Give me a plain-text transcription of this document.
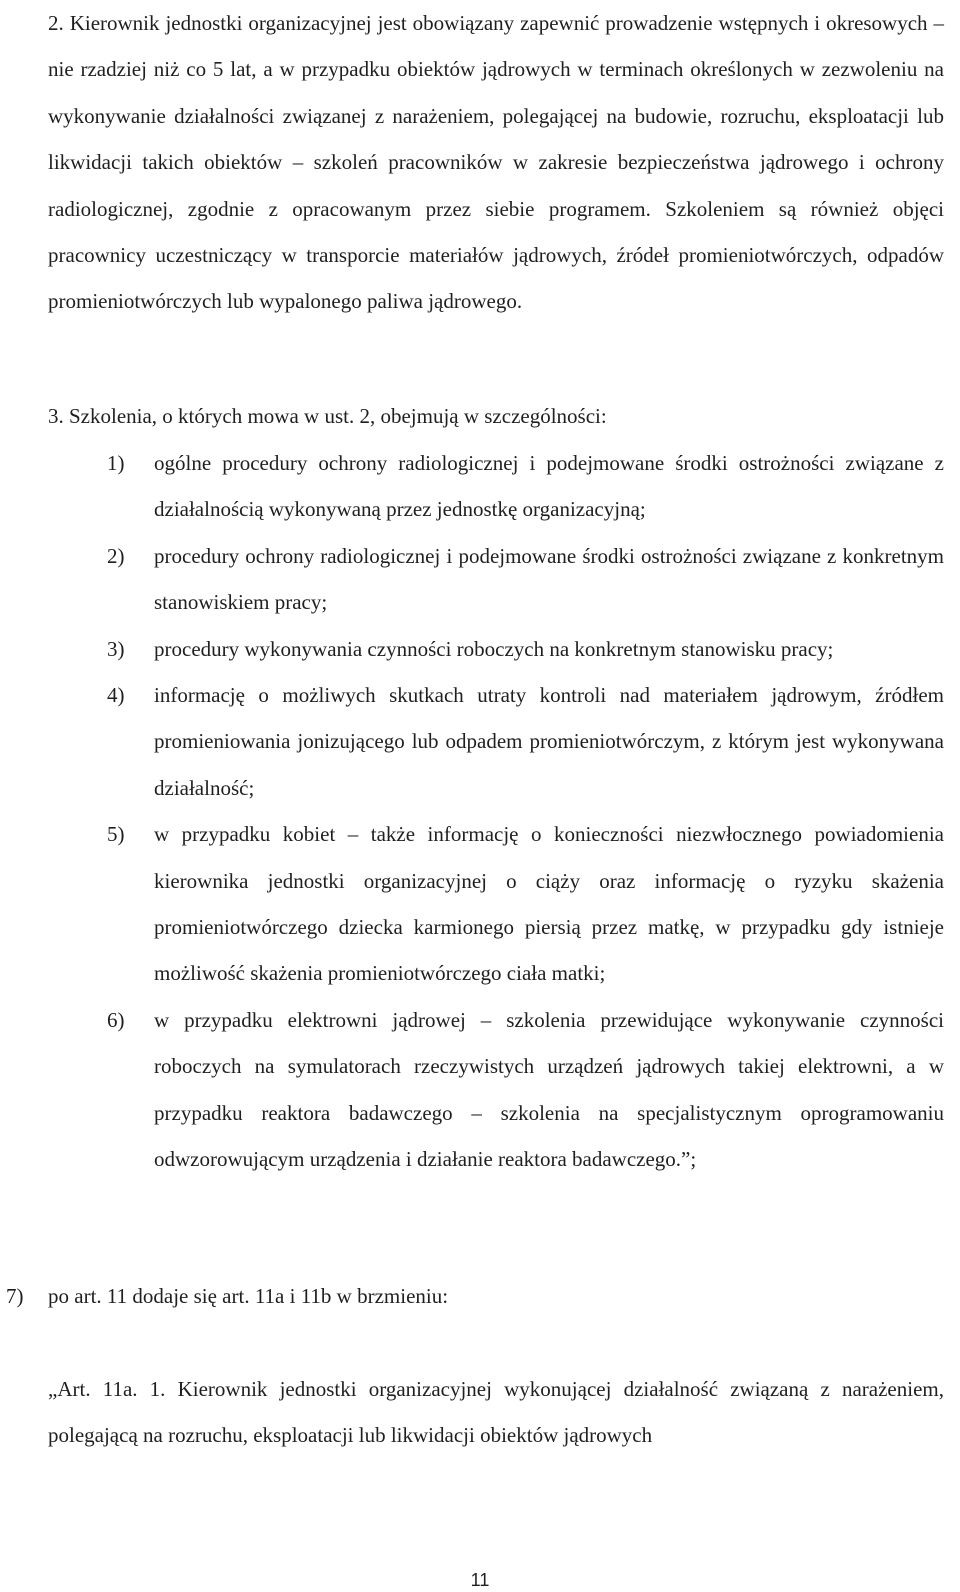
2. Kierownik jednostki organizacyjnej jest obowiązany zapewnić prowadzenie wstępnych i okresowych – nie rzadziej niż co 5 lat, a w przypadku obiektów jądrowych w terminach określonych w zezwoleniu na wykonywanie działalności związanej z narażeniem, polegającej na budowie, rozruchu, eksploatacji lub likwidacji takich obiektów – szkoleń pracowników w zakresie bezpieczeństwa jądrowego i ochrony radiologicznej, zgodnie z opracowanym przez siebie programem. Szkoleniem są również objęci pracownicy uczestniczący w transporcie materiałów jądrowych, źródeł promieniotwórczych, odpadów promieniotwórczych lub wypalonego paliwa jądrowego.

3. Szkolenia, o których mowa w ust. 2, obejmują w szczególności:

1) ogólne procedury ochrony radiologicznej i podejmowane środki ostrożności związane z działalnością wykonywaną przez jednostkę organizacyjną;
2) procedury ochrony radiologicznej i podejmowane środki ostrożności związane z konkretnym stanowiskiem pracy;
3) procedury wykonywania czynności roboczych na konkretnym stanowisku pracy;
4) informację o możliwych skutkach utraty kontroli nad materiałem jądrowym, źródłem promieniowania jonizującego lub odpadem promieniotwórczym, z którym jest wykonywana działalność;
5) w przypadku kobiet – także informację o konieczności niezwłocznego powiadomienia kierownika jednostki organizacyjnej o ciąży oraz informację o ryzyku skażenia promieniotwórczego dziecka karmionego piersią przez matkę, w przypadku gdy istnieje możliwość skażenia promieniotwórczego ciała matki;
6) w przypadku elektrowni jądrowej – szkolenia przewidujące wykonywanie czynności roboczych na symulatorach rzeczywistych urządzeń jądrowych takiej elektrowni, a w przypadku reaktora badawczego – szkolenia na specjalistycznym oprogramowaniu odwzorowującym urządzenia i działanie reaktora badawczego.”;
7) po art. 11 dodaje się art. 11a i 11b w brzmieniu:
„Art. 11a. 1. Kierownik jednostki organizacyjnej wykonującej działalność związaną z narażeniem, polegającą na rozruchu, eksploatacji lub likwidacji obiektów jądrowych
11
